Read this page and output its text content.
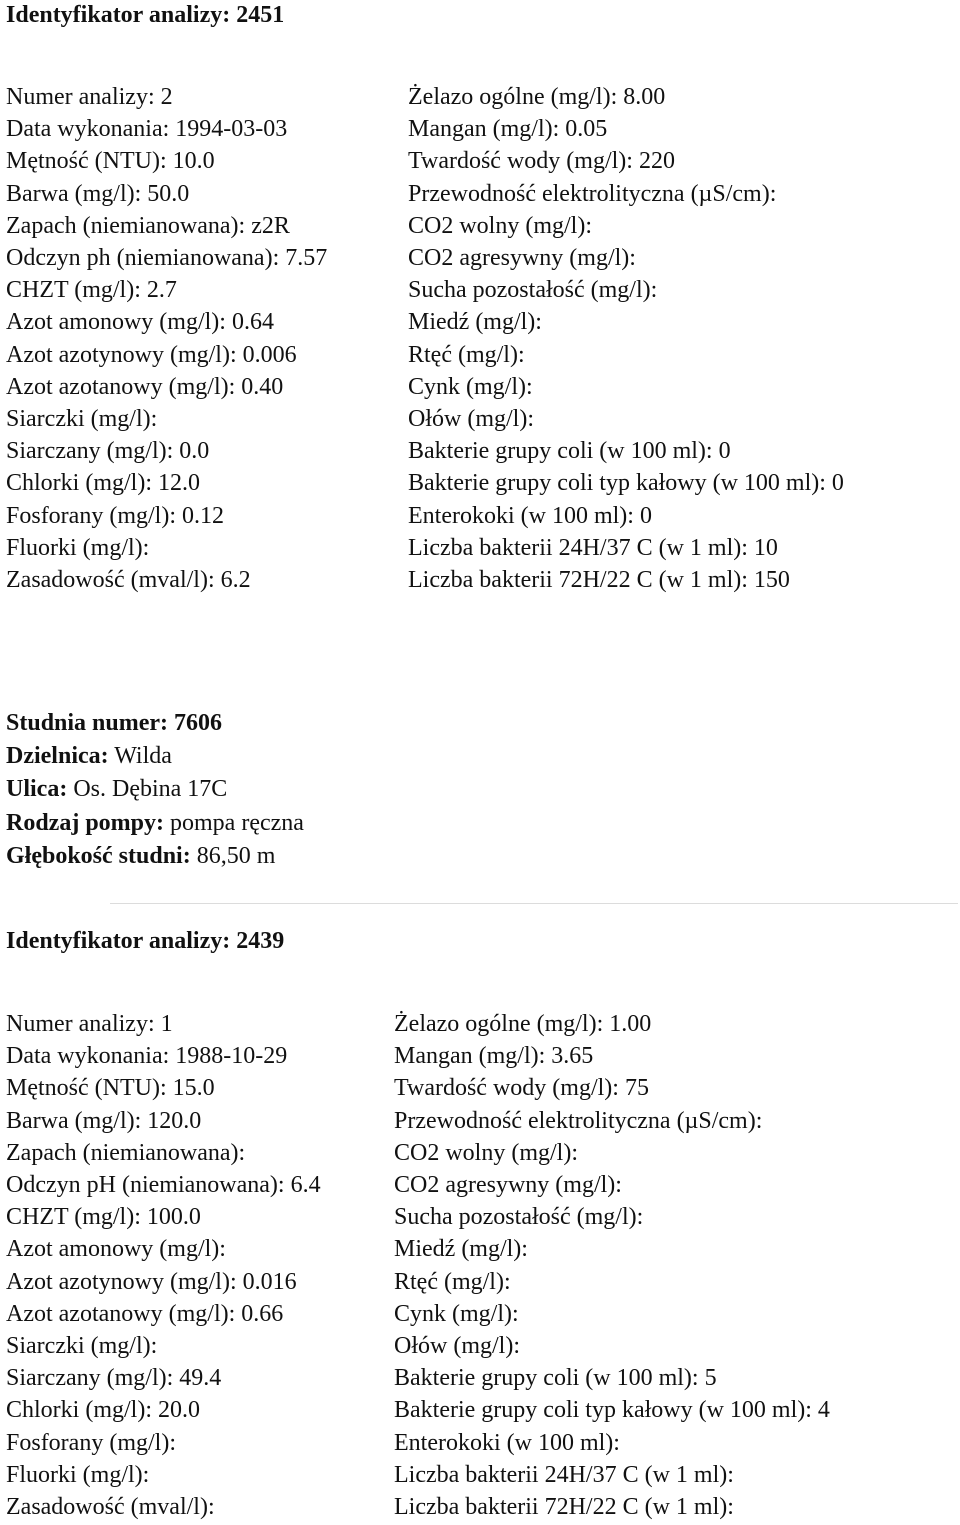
Identyfikator analizy: 2451
Numer analizy: 2
Data wykonania: 1994-03-03
Mętność (NTU): 10.0
Barwa (mg/l): 50.0
Zapach (niemianowana): z2R
Odczyn ph (niemianowana): 7.57
CHZT (mg/l): 2.7
Azot amonowy (mg/l): 0.64
Azot azotynowy (mg/l): 0.006
Azot azotanowy (mg/l): 0.40
Siarczki (mg/l):
Siarczany (mg/l): 0.0
Chlorki (mg/l): 12.0
Fosforany (mg/l): 0.12
Fluorki (mg/l):
Zasadowość (mval/l): 6.2
Żelazo ogólne (mg/l): 8.00
Mangan (mg/l): 0.05
Twardość wody (mg/l): 220
Przewodność elektrolityczna (µS/cm):
CO2 wolny (mg/l):
CO2 agresywny (mg/l):
Sucha pozostałość (mg/l):
Miedź (mg/l):
Rtęć (mg/l):
Cynk (mg/l):
Ołów (mg/l):
Bakterie grupy coli (w 100 ml): 0
Bakterie grupy coli typ kałowy (w 100 ml): 0
Enterokoki (w 100 ml): 0
Liczba bakterii 24H/37 C (w 1 ml): 10
Liczba bakterii 72H/22 C (w 1 ml): 150
Studnia numer: 7606
Dzielnica: Wilda
Ulica: Os. Dębina 17C
Rodzaj pompy: pompa ręczna
Głębokość studni: 86,50 m
Identyfikator analizy: 2439
Numer analizy: 1
Data wykonania: 1988-10-29
Mętność (NTU): 15.0
Barwa (mg/l): 120.0
Zapach (niemianowana):
Odczyn pH (niemianowana): 6.4
CHZT (mg/l): 100.0
Azot amonowy (mg/l):
Azot azotynowy (mg/l): 0.016
Azot azotanowy (mg/l): 0.66
Siarczki (mg/l):
Siarczany (mg/l): 49.4
Chlorki (mg/l): 20.0
Fosforany (mg/l):
Fluorki (mg/l):
Zasadowość (mval/l):
Żelazo ogólne (mg/l): 1.00
Mangan (mg/l): 3.65
Twardość wody (mg/l): 75
Przewodność elektrolityczna (µS/cm):
CO2 wolny (mg/l):
CO2 agresywny (mg/l):
Sucha pozostałość (mg/l):
Miedź (mg/l):
Rtęć (mg/l):
Cynk (mg/l):
Ołów (mg/l):
Bakterie grupy coli (w 100 ml): 5
Bakterie grupy coli typ kałowy (w 100 ml): 4
Enterokoki (w 100 ml):
Liczba bakterii 24H/37 C (w 1 ml):
Liczba bakterii 72H/22 C (w 1 ml):
